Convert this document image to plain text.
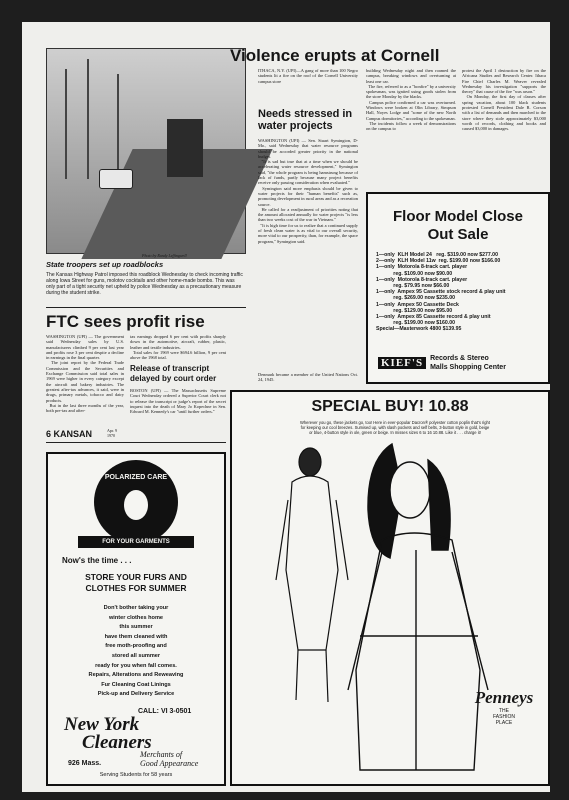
Photo by Randy Leffingwell
State troopers set up roadblocks
The Kansas Highway Patrol imposed this roadblock Wednesday to check incoming traffic along Iowa Street for guns, molotov cocktails and other home-made bombs. This was only part of a tight security net upheld by police Wednesday as a precautionary measure during the student strike.
FTC sees profit rise
WASHINGTON (UPI) — The government said Wednesday sales by U.S. manufacturers climbed 9 per cent last year and profits rose 3 per cent despite a decline in earnings in the final quarter.
The joint report by the Federal Trade Commission and the Securities and Exchange Commission said total sales in 1969 were higher in every category except the aircraft and bakery industries. The greatest after-tax advances, it said, were in drugs, primary metals, tobacco and dairy products.
But in the last three months of the year, both pre-tax and after-
tax earnings dropped 6 per cent with profits sharply down in the automotive, aircraft, rubber, plastic, leather and textile industries.
Total sales for 1969 were $694.6 billion, 9 per cent above the 1968 total.
Release of transcript delayed by court order
BOSTON (UPI) — The Massachusetts Supreme Court Wednesday ordered a Superior Court clerk not to release the transcript or judge's report of the secret inquest into the death of Mary Jo Kopechne in Sen. Edward M. Kennedy's car "until further orders."
6 KANSAN	Apr. 9
1970
Violence erupts at Cornell
ITHACA, N.Y. (UPI)—A gang of more than 100 Negro students lit a fire on the roof of the Cornell University campus store
building Wednesday night and then roamed the campus, breaking windows and overturning at least one car.
The fire, referred to as a "bonfire" by a university spokesman, was ignited using goods stolen from the store Monday by the blacks.
Campus police confirmed a car was overturned. Windows were broken at Olin Library, Simpson Hall, Noyes Lodge and "some of the new North Campus dormitories," according to the spokesman.
The incidents follow a week of demonstrations on the campus to
protest the April 1 destruction by fire on the Africana Studies and Research Center. Ithaca Fire Chief Charles M. Weaver revealed Wednesday his investigation "supports the theory" that cause of the fire "was arson."
On Monday, the first day of classes after spring vacation, about 100 black students protested Cornell President Dale R. Corson with a list of demands and then marched to the store where they stole approximately $3,000 worth of records, clothing and books and caused $3,000 in damages.
Needs stressed in water projects
WASHINGTON (UPI) — Sen. Stuart Symington, D-Mo., said Wednesday that water resource programs should be accorded greater priority in the national budget.
"It is sad but true that at a time when we should be accelerating water resource development," Symington said, "the whole program is being hamstrung because of lack of funds, partly because many project benefits receive only passing consideration when evaluated."
Symington said more emphasis should be given to water projects for their "human benefits" such as, promoting development in rural areas and as a recreation source.
He called for a readjustment of priorities noting that the amount allocated annually for water projects "is less than two weeks cost of the war in Vietnam."
"It is high time for us to realize that a continued supply of fresh clean water is as vital to our overall security, more vital to our prosperity, than, for example, the space program," Symington said.
Denmark became a member of the United Nations Oct. 24, 1945.
Floor Model Close
Out Sale
1—only  KLH Model 24   reg. $319.00 now $277.00
2—only  KLH Model 11w  reg. $199.00 now $166.00
1—only  Motorola 8-track cart. player
reg. $109.00 now $90.00
1—only  Motorola 8-track cart. player
reg. $79.95 now $66.00
1—only  Ampex 95 Cassette stock record & play unit
reg. $269.00 now $235.00
1—only  Ampex 50 Cassette Deck
reg. $129.00 now $95.00
1—only  Ampex 85 Cassette record & play unit
reg. $199.00 now $160.00
Special—Masterwork 4800 $139.95
KIEF'S	Records & Stereo
Malls Shopping Center
SPECIAL BUY! 10.88
Wherever you go, these jackets go, too! Here in ever-popular Dacron® polyester cotton poplin that's right for keeping our cool breezes. Sumised up, with slash pockets and self belts, 3-button style in gold, beige or blue, 4-button style in ole, green or beige. In misses sizes 6 to 16 10.88. Like it . . . charge it!
Penneys
THE
FASHION
PLACE
POLARIZED CARE
FOR YOUR GARMENTS
Now's the time . . .
STORE YOUR FURS AND
CLOTHES FOR SUMMER
Don't bother taking your
winter clothes home
this summer
have them cleaned with
free moth-proofing and
stored all summer
ready for you when fall comes.
Repairs, Alterations and Reweaving
Fur Cleaning Coat Linings
Pick-up and Delivery Service
CALL: VI 3-0501
New York
Cleaners
926 Mass.
Merchants of
Good Appearance
Serving Students for 58 years
